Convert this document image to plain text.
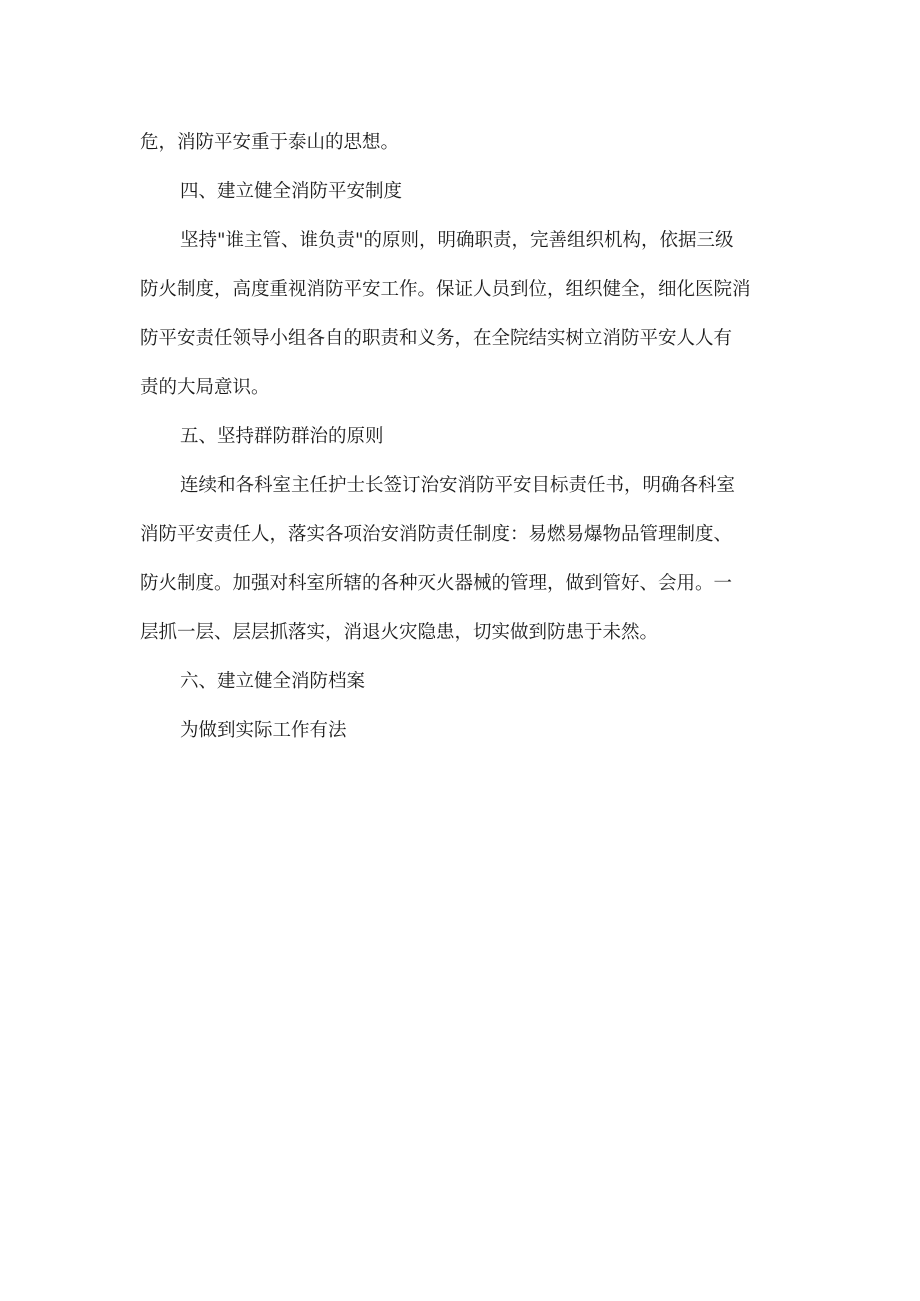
危，消防平安重于泰山的思想。
四、建立健全消防平安制度
坚持"谁主管、谁负责"的原则，明确职责，完善组织机构，依据三级
防火制度，高度重视消防平安工作。保证人员到位，组织健全，细化医院消
防平安责任领导小组各自的职责和义务，在全院结实树立消防平安人人有
责的大局意识。
五、坚持群防群治的原则
连续和各科室主任护士长签订治安消防平安目标责任书，明确各科室
消防平安责任人，落实各项治安消防责任制度：易燃易爆物品管理制度、
防火制度。加强对科室所辖的各种灭火器械的管理，做到管好、会用。一
层抓一层、层层抓落实，消退火灾隐患，切实做到防患于未然。
六、建立健全消防档案
为做到实际工作有法
